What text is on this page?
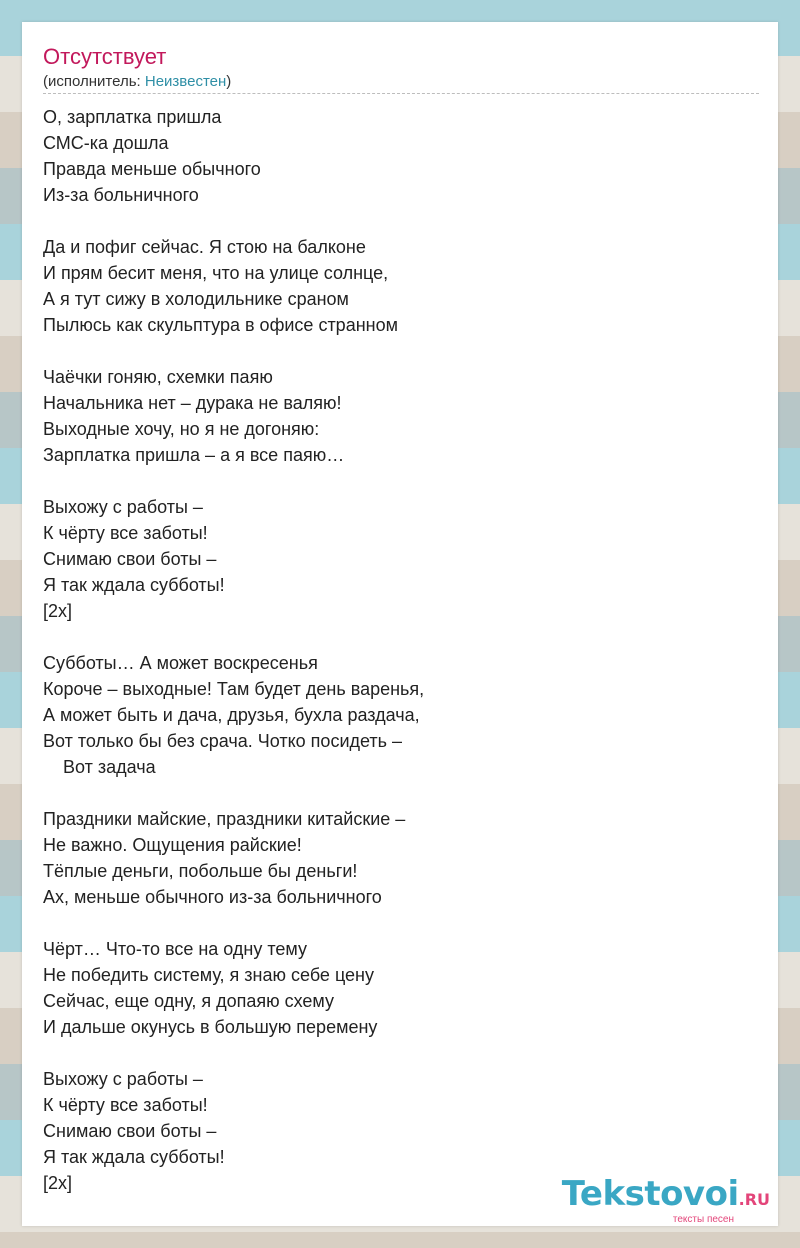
Отсутствует
(исполнитель: Неизвестен)
О, зарплатка пришла
СМС-ка дошла
Правда меньше обычного
Из-за больничного
Да и пофиг сейчас. Я стою на балконе
И прям бесит меня, что на улице солнце,
А я тут сижу в холодильнике сраном
Пылюсь как скульптура в офисе странном
Чаёчки гоняю, схемки паяю
Начальника нет – дурака не валяю!
Выходные хочу, но я не догоняю:
Зарплатка пришла – а я все паяю…
Выхожу с работы –
К чёрту все заботы!
Снимаю свои боты –
Я так ждала субботы!
[2x]
Субботы… А может воскресенья
Короче – выходные! Там будет день варенья,
А может быть и дача, друзья, бухла раздача,
Вот только бы без срача. Чотко посидеть –
Вот задача
Праздники майские, праздники китайские –
Не важно. Ощущения райские!
Тёплые деньги, побольше бы деньги!
Ах, меньше обычного из-за больничного
Чёрт… Что-то все на одну тему
Не победить систему, я знаю себе цену
Сейчас, еще одну, я допаяю схему
И дальше окунусь в большую перемену
Выхожу с работы –
К чёрту все заботы!
Снимаю свои боты –
Я так ждала субботы!
[2x]	Tekstovoi.RU
тексты песен
